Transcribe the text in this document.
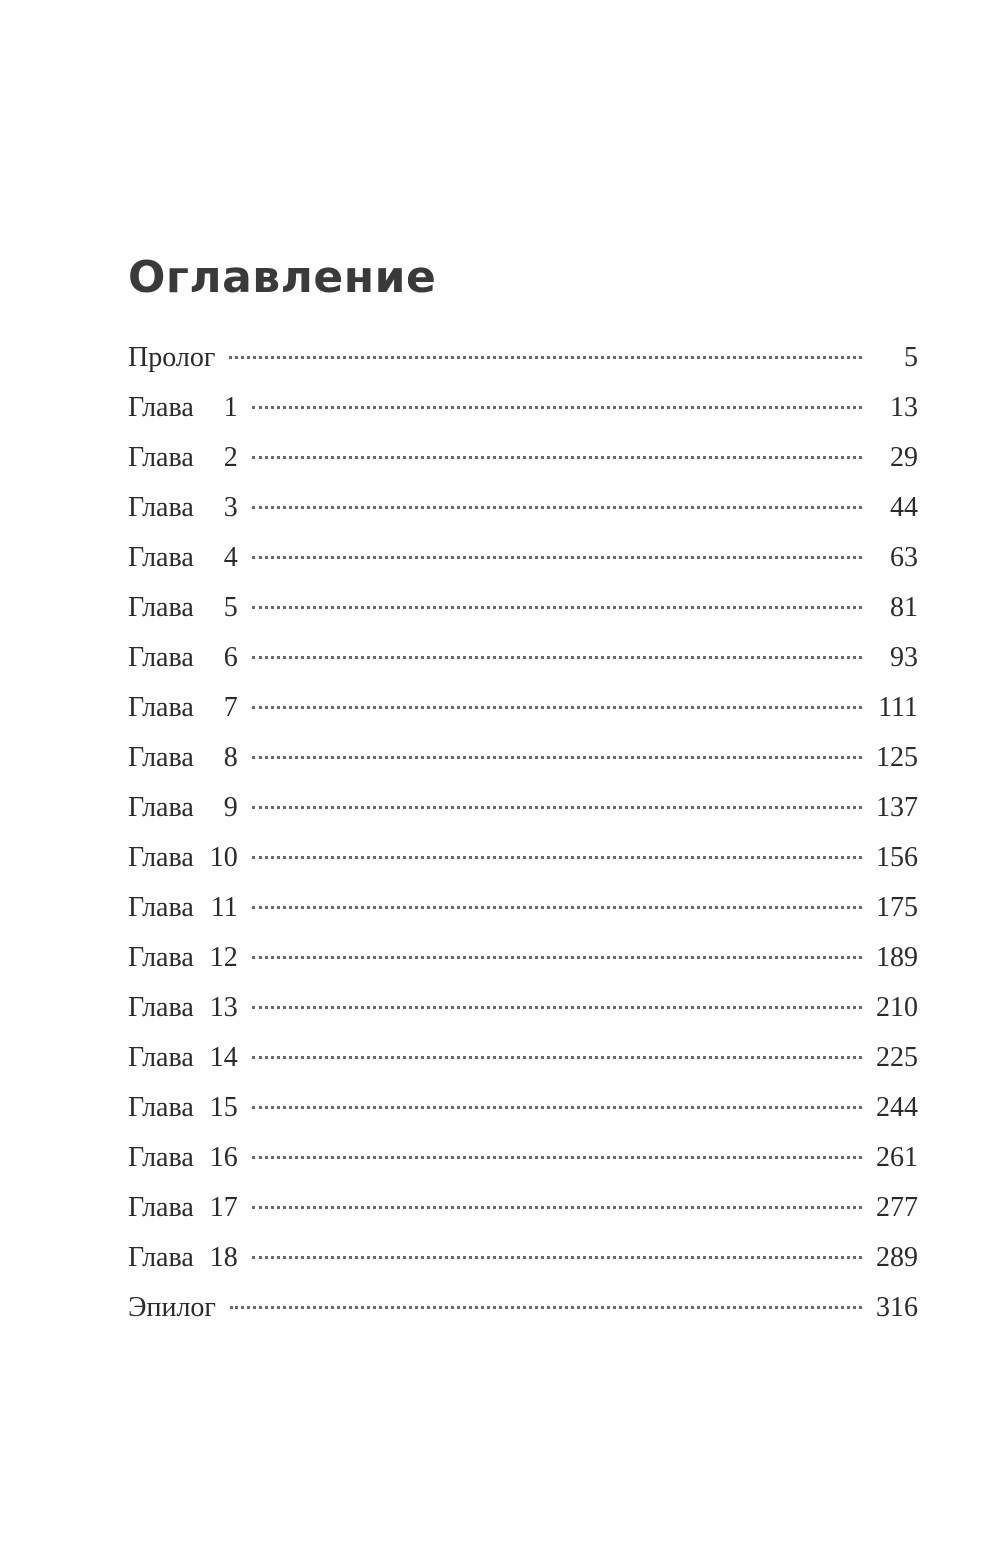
Оглавление
Пролог	5
Глава 1	13
Глава 2	29
Глава 3	44
Глава 4	63
Глава 5	81
Глава 6	93
Глава 7	111
Глава 8	125
Глава 9	137
Глава 10	156
Глава 11	175
Глава 12	189
Глава 13	210
Глава 14	225
Глава 15	244
Глава 16	261
Глава 17	277
Глава 18	289
Эпилог	316
